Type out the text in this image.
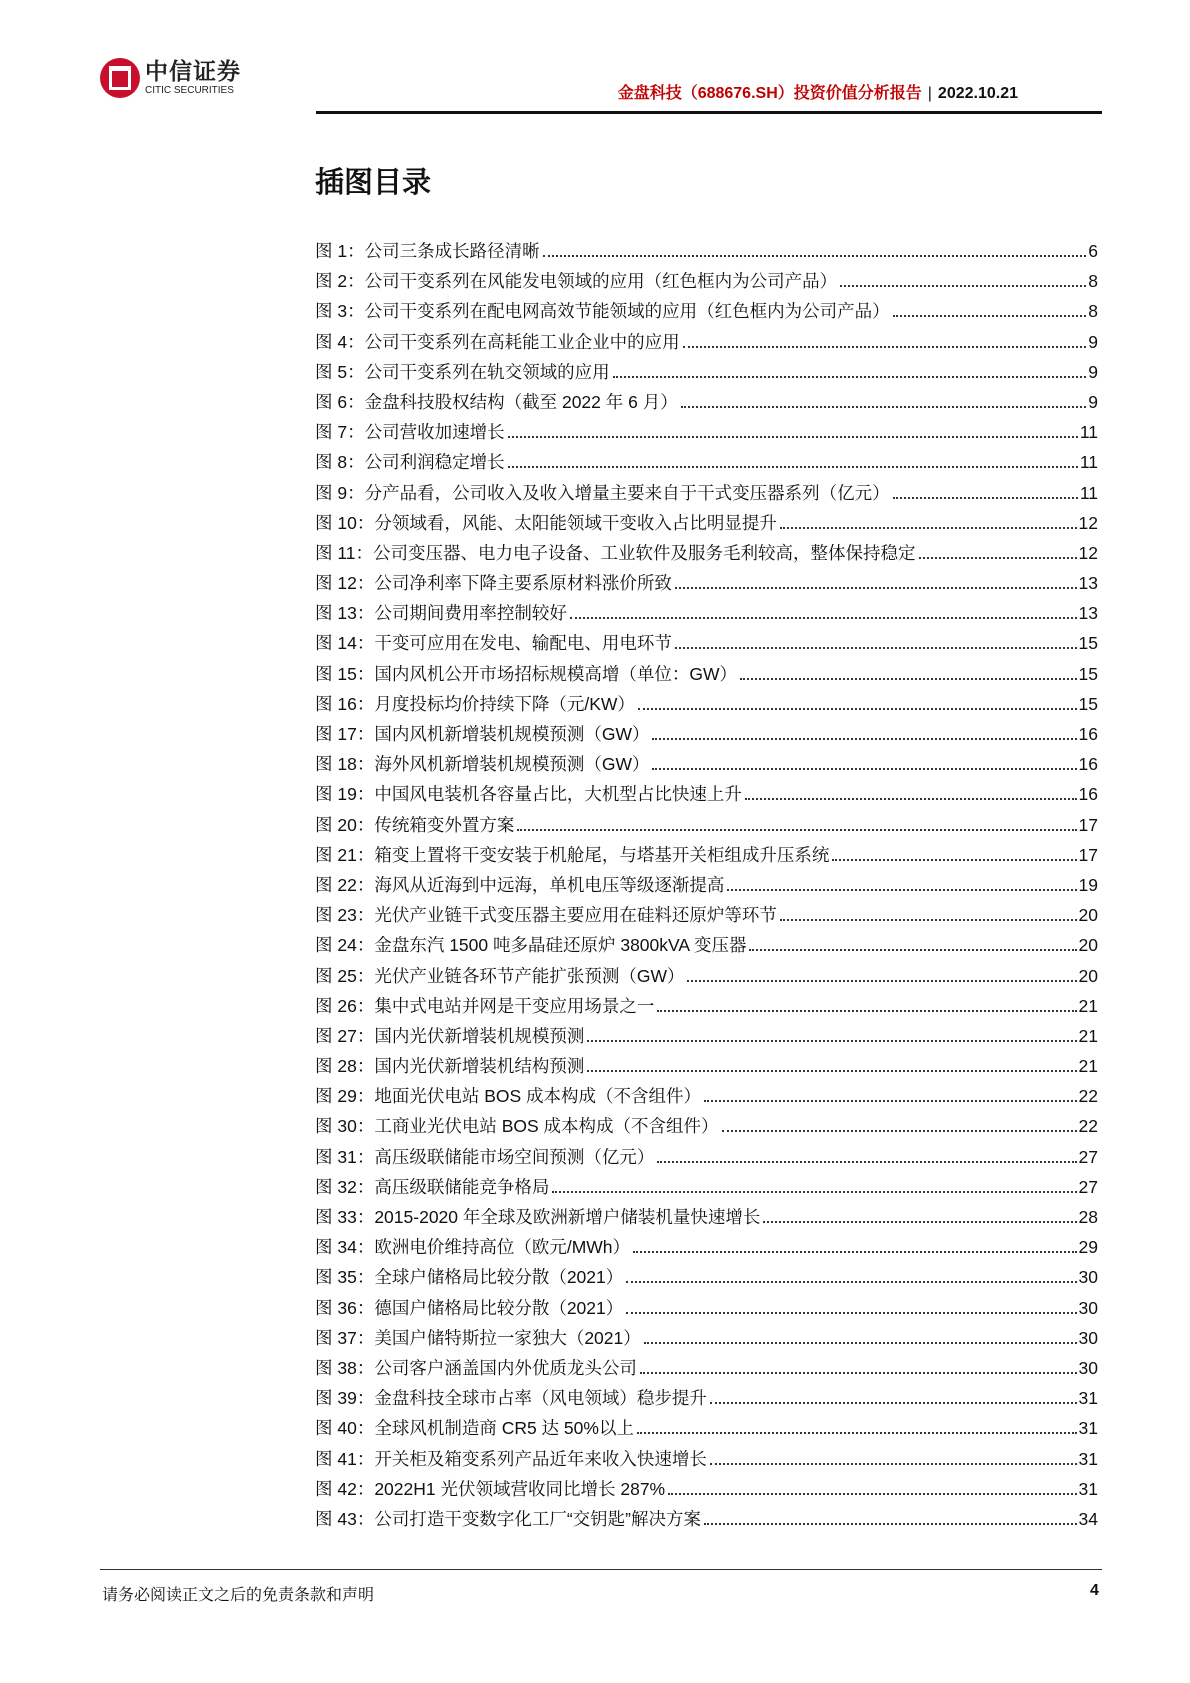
中信证券
CITIC SECURITIES	金盘科技（688676.SH）投资价值分析报告 | 2022.10.21
插图目录
图 1：公司三条成长路径清晰	6
图 2：公司干变系列在风能发电领域的应用（红色框内为公司产品）	8
图 3：公司干变系列在配电网高效节能领域的应用（红色框内为公司产品）	8
图 4：公司干变系列在高耗能工业企业中的应用	9
图 5：公司干变系列在轨交领域的应用	9
图 6：金盘科技股权结构（截至 2022 年 6 月）	9
图 7：公司营收加速增长	11
图 8：公司利润稳定增长	11
图 9：分产品看，公司收入及收入增量主要来自于干式变压器系列（亿元）	11
图 10：分领域看，风能、太阳能领域干变收入占比明显提升	12
图 11：公司变压器、电力电子设备、工业软件及服务毛利较高，整体保持稳定	12
图 12：公司净利率下降主要系原材料涨价所致	13
图 13：公司期间费用率控制较好	13
图 14：干变可应用在发电、输配电、用电环节	15
图 15：国内风机公开市场招标规模高增（单位：GW）	15
图 16：月度投标均价持续下降（元/KW）	15
图 17：国内风机新增装机规模预测（GW）	16
图 18：海外风机新增装机规模预测（GW）	16
图 19：中国风电装机各容量占比，大机型占比快速上升	16
图 20：传统箱变外置方案	17
图 21：箱变上置将干变安装于机舱尾，与塔基开关柜组成升压系统	17
图 22：海风从近海到中远海，单机电压等级逐渐提高	19
图 23：光伏产业链干式变压器主要应用在硅料还原炉等环节	20
图 24：金盘东汽 1500 吨多晶硅还原炉 3800kVA 变压器	20
图 25：光伏产业链各环节产能扩张预测（GW）	20
图 26：集中式电站并网是干变应用场景之一	21
图 27：国内光伏新增装机规模预测	21
图 28：国内光伏新增装机结构预测	21
图 29：地面光伏电站 BOS 成本构成（不含组件）	22
图 30：工商业光伏电站 BOS 成本构成（不含组件）	22
图 31：高压级联储能市场空间预测（亿元）	27
图 32：高压级联储能竞争格局	27
图 33：2015-2020 年全球及欧洲新增户储装机量快速增长	28
图 34：欧洲电价维持高位（欧元/MWh）	29
图 35：全球户储格局比较分散（2021）	30
图 36：德国户储格局比较分散（2021）	30
图 37：美国户储特斯拉一家独大（2021）	30
图 38：公司客户涵盖国内外优质龙头公司	30
图 39：金盘科技全球市占率（风电领域）稳步提升	31
图 40：全球风机制造商 CR5 达 50%以上	31
图 41：开关柜及箱变系列产品近年来收入快速增长	31
图 42：2022H1 光伏领域营收同比增长 287%	31
图 43：公司打造干变数字化工厂“交钥匙”解决方案	34
请务必阅读正文之后的免责条款和声明	4
